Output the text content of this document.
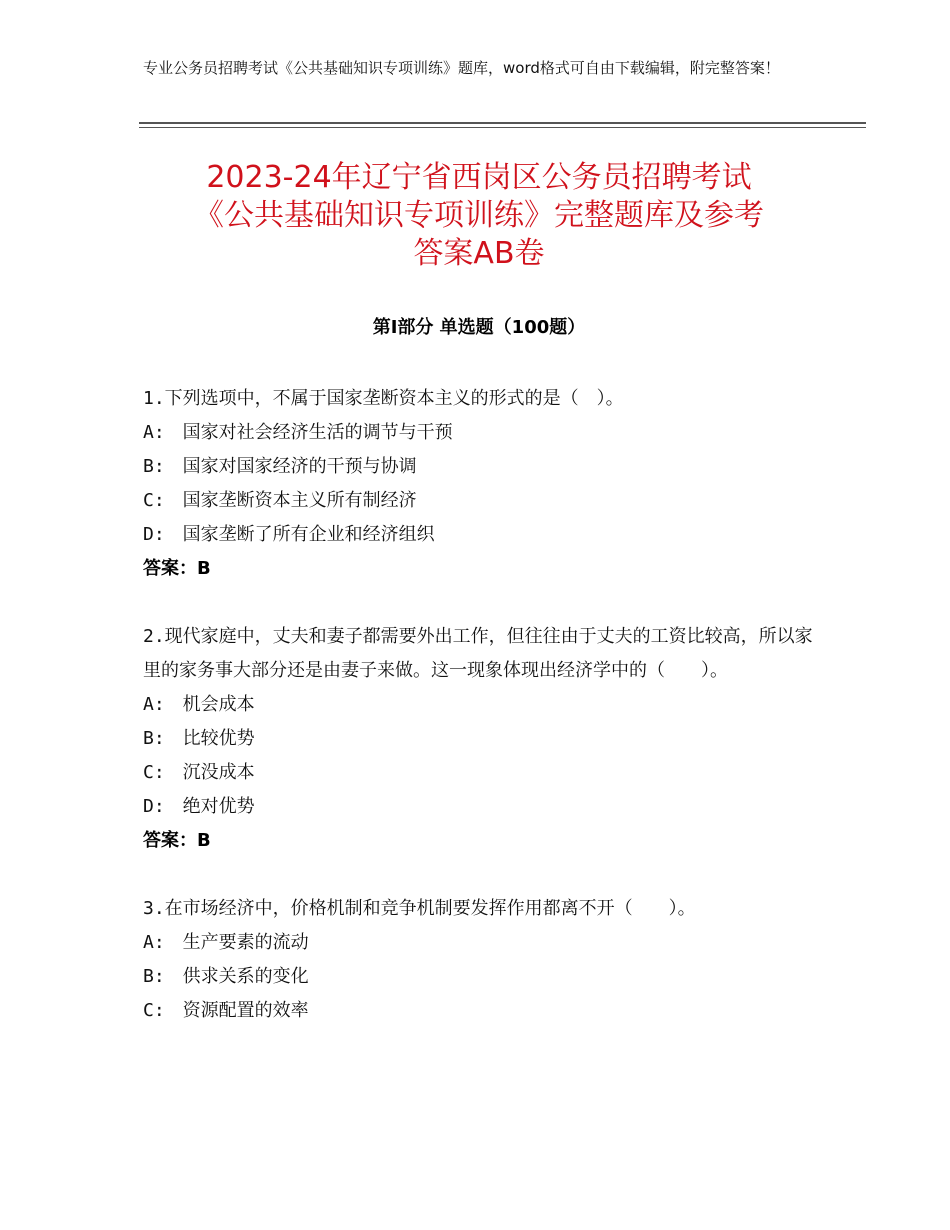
专业公务员招聘考试《公共基础知识专项训练》题库，word格式可自由下载编辑，附完整答案！
2023-24年辽宁省西岗区公务员招聘考试
《公共基础知识专项训练》完整题库及参考
答案AB卷
第Ⅰ部分 单选题（100题）
1.下列选项中，不属于国家垄断资本主义的形式的是（　）。
A:　国家对社会经济生活的调节与干预
B:　国家对国家经济的干预与协调
C:　国家垄断资本主义所有制经济
D:　国家垄断了所有企业和经济组织
答案：B
2.现代家庭中，丈夫和妻子都需要外出工作，但往往由于丈夫的工资比较高，所以家里的家务事大部分还是由妻子来做。这一现象体现出经济学中的（　　）。
A:　机会成本
B:　比较优势
C:　沉没成本
D:　绝对优势
答案：B
3.在市场经济中，价格机制和竞争机制要发挥作用都离不开（　　）。
A:　生产要素的流动
B:　供求关系的变化
C:　资源配置的效率
